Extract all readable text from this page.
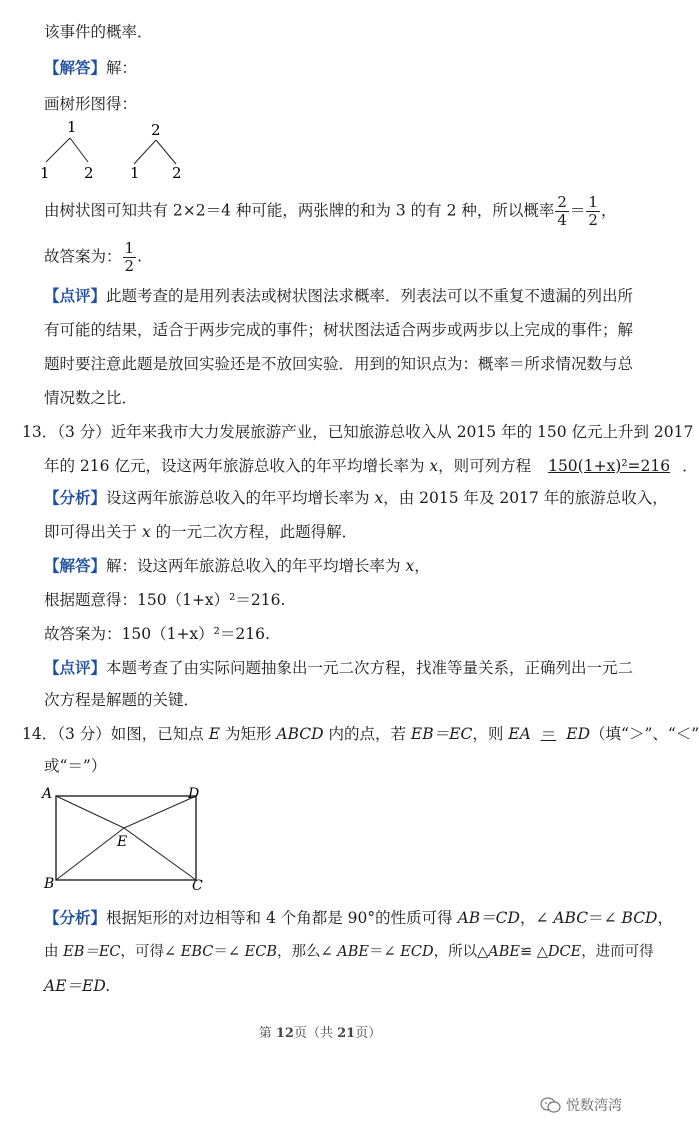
该事件的概率．
【解答】解：
画树形图得：
1
1 2
2
1 2
由树状图可知共有 2×2＝4 种可能，两张牌的和为 3 的有 2 种，所以概率 $\frac{2}{4} = \frac{1}{2}$ ，
故答案为： $\frac{1}{2}$ .
【点评】此题考查的是用列表法或树状图法求概率．列表法可以不重复不遗漏的列出所
有可能的结果，适合于两步完成的事件；树状图法适合两步或两步以上完成的事件；解
题时要注意此题是放回实验还是不放回实验．用到的知识点为：概率＝所求情况数与总
情况数之比．
13．（3 分）近年来我市大力发展旅游产业，已知旅游总收入从 2015 年的 150 亿元上升到 2017
年的 216 亿元，设这两年旅游总收入的年平均增长率为 x，则可列方程 150(1+x)²=216 ．
【分析】设这两年旅游总收入的年平均增长率为 x，由 2015 年及 2017 年的旅游总收入，
即可得出关于 x 的一元二次方程，此题得解．
【解答】解：设这两年旅游总收入的年平均增长率为 x，
根据题意得：150（1+x）²＝216.
故答案为：150（1+x）²＝216.
【点评】本题考查了由实际问题抽象出一元二次方程，找准等量关系，正确列出一元二
次方程是解题的关键．
14．（3 分）如图，已知点 E 为矩形 ABCD 内的点，若 EB＝EC，则 EA ＝ ED（填“＞”、“＜”
或“＝”）
A	D
E
B	C
【分析】根据矩形的对边相等和 4 个角都是 90°的性质可得 AB＝CD，∠ ABC＝∠ BCD，
由 EB＝EC，可得∠ EBC＝∠ ECB，那么∠ ABE＝∠ ECD，所以△ABE≌ △DCE，进而可得
AE＝ED.
第 12页（共 21页）
悦数湾湾
